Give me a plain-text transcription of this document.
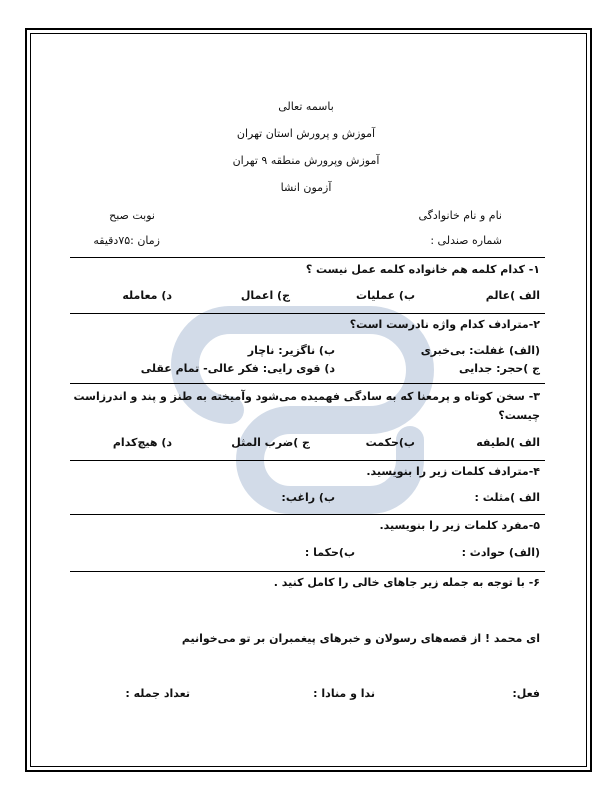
باسمه تعالی
آموزش و پرورش استان تهران
آموزش وپرورش منطقه ۹ تهران
آزمون انشا
نام و نام خانوادگی
نوبت صبح
شماره صندلی :
زمان :۷۵دقیقه
۱- کدام کلمه هم خانواده کلمه عمل نیست ؟
الف )عالم
ب) عملیات
ج) اعمال
د) معامله
۲-مترادف کدام واژه نادرست است؟
(الف) غفلت: بی‌خبری
ب) ناگزیر: ناچار
ج )حجر: جدایی
د) قوی رایی: فکر عالی- تمام عقلی
۳- سخن کوتاه و پرمعنا که به سادگی فهمیده می‌شود وآمیخته به طنز و پند و اندرزاست
چیست؟
الف )لطیفه
ب)حکمت
ج )ضرب المثل
د) هیچ‌کدام
۴-مترادف کلمات زیر را بنویسید.
الف )مثلث :
ب) راغب:
۵-مفرد کلمات زیر را بنویسید.
(الف) حوادث :
ب)حکما :
۶- با توجه به جمله زیر جاهای خالی را کامل کنید .
ای محمد ! از قصه‌های رسولان و خبرهای پیغمبران بر تو می‌خوانیم
فعل:
ندا و منادا :
تعداد جمله :
